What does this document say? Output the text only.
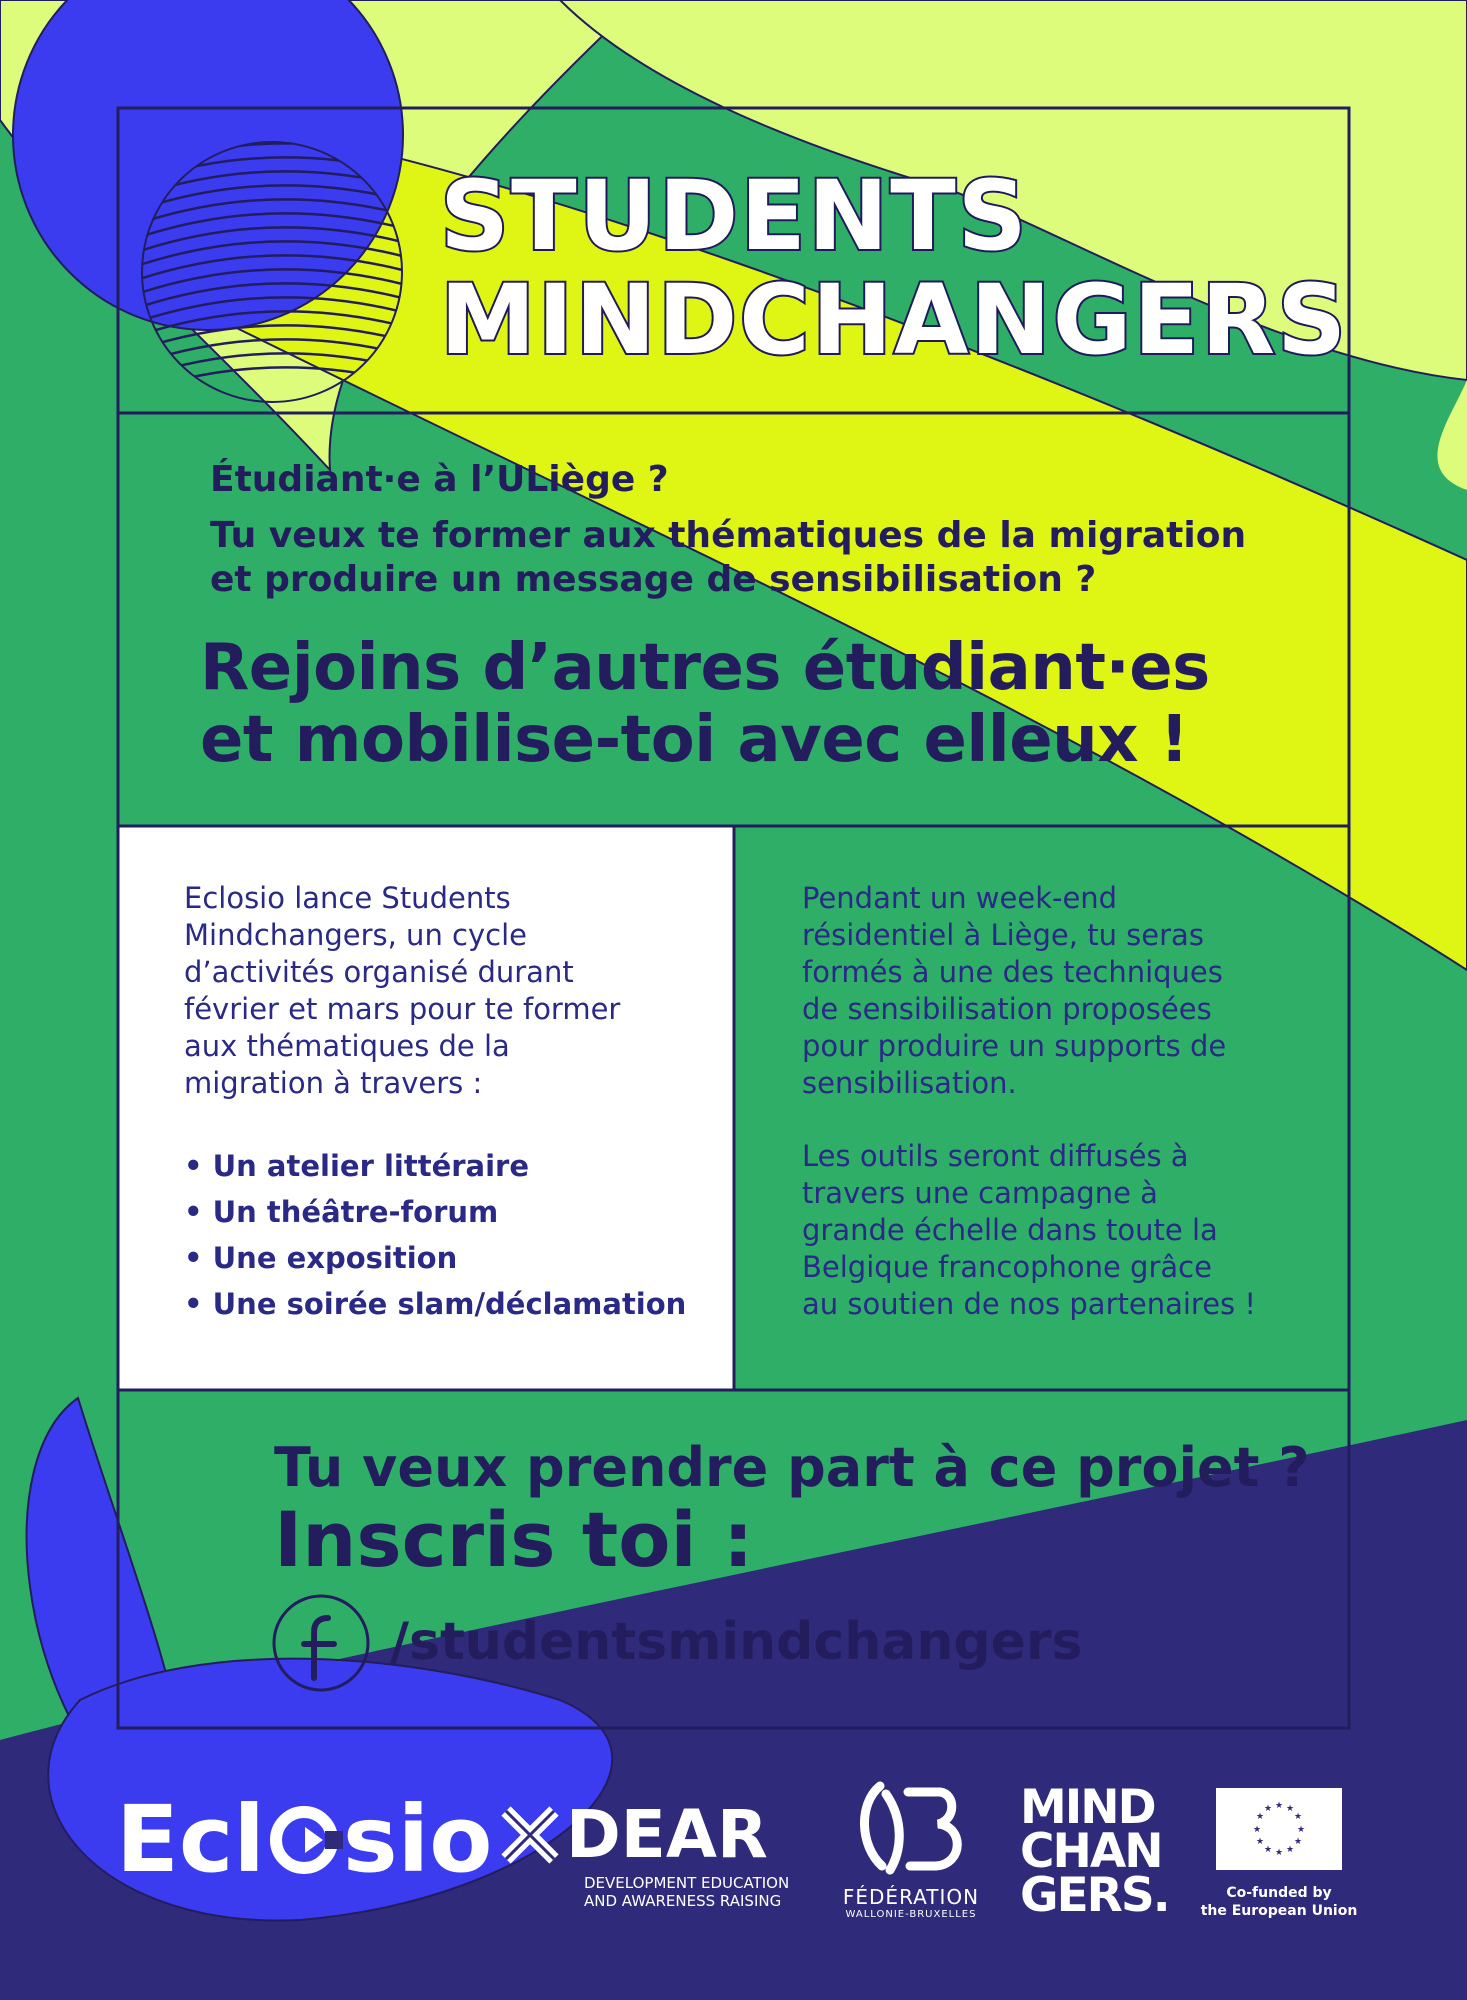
STUDENTS
MINDCHANGERS
Étudiant·e à l’ULiège ?
Tu veux te former aux thématiques de la migration
et produire un message de sensibilisation ?
Rejoins d’autres étudiant·es
et mobilise-toi avec elleux !
Eclosio lance Students
Mindchangers, un cycle
d’activités organisé durant
février et mars pour te former
aux thématiques de la
migration à travers :
• Un atelier littéraire
• Un théâtre-forum
• Une exposition
• Une soirée slam/déclamation
Pendant un week-end
résidentiel à Liège, tu seras
formés à une des techniques
de sensibilisation proposées
pour produire un supports de
sensibilisation.
Les outils seront diffusés à
travers une campagne à
grande échelle dans toute la
Belgique francophone grâce
au soutien de nos partenaires !
Tu veux prendre part à ce projet ?
Inscris toi :
/studentsmindchangers
Ecl sio DEAR
DEVELOPMENT EDUCATION
AND AWARENESS RAISING	FÉDÉRATION
WALLONIE-BRUXELLES
MIND
CHAN
GERS.
★ ★
★
★
★
★
★
★
★
★
★
★
Co-funded by
the European Union
